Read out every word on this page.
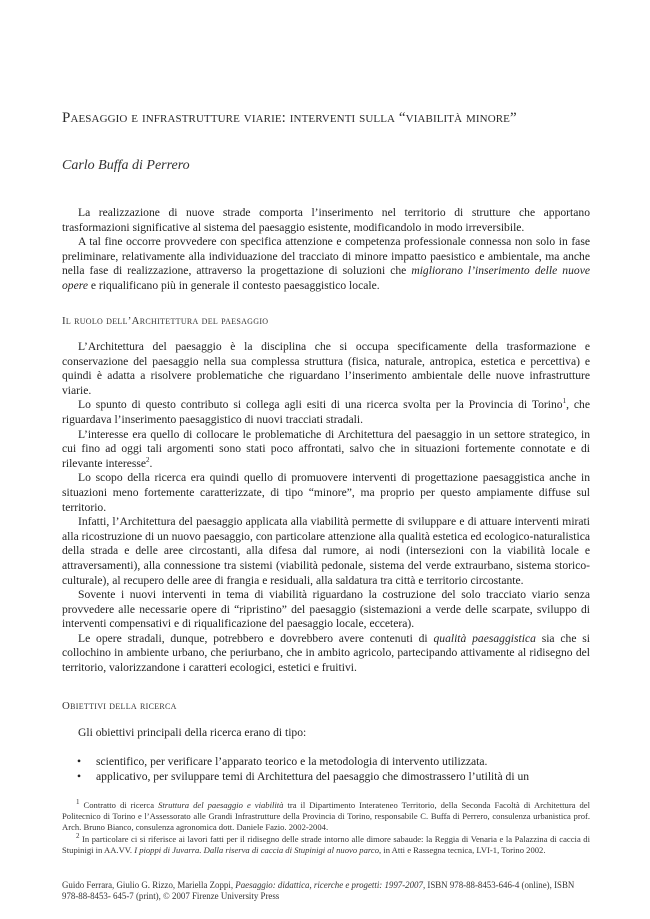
Paesaggio e infrastrutture viarie: interventi sulla “viabilità minore”
Carlo Buffa di Perrero

La realizzazione di nuove strade comporta l’inserimento nel territorio di strutture che apportano trasformazioni significative al sistema del paesaggio esistente, modificandolo in modo irreversibile.

A tal fine occorre provvedere con specifica attenzione e competenza professionale connessa non solo in fase preliminare, relativamente alla individuazione del tracciato di minore impatto paesistico e ambientale, ma anche nella fase di realizzazione, attraverso la progettazione di soluzioni che migliorano l’inserimento delle nuove opere e riqualificano più in generale il contesto paesaggistico locale.

Il ruolo dell’Architettura del paesaggio

L’Architettura del paesaggio è la disciplina che si occupa specificamente della trasformazione e conservazione del paesaggio nella sua complessa struttura (fisica, naturale, antropica, estetica e percettiva) e quindi è adatta a risolvere problematiche che riguardano l’inserimento ambientale delle nuove infrastrutture viarie.

Lo spunto di questo contributo si collega agli esiti di una ricerca svolta per la Provincia di Torino$^1$, che riguardava l’inserimento paesaggistico di nuovi tracciati stradali.

L’interesse era quello di collocare le problematiche di Architettura del paesaggio in un settore strategico, in cui fino ad oggi tali argomenti sono stati poco affrontati, salvo che in situazioni fortemente connotate e di rilevante interesse$^2$.

Lo scopo della ricerca era quindi quello di promuovere interventi di progettazione paesaggistica anche in situazioni meno fortemente caratterizzate, di tipo “minore”, ma proprio per questo ampiamente diffuse sul territorio.

Infatti, l’Architettura del paesaggio applicata alla viabilità permette di sviluppare e di attuare interventi mirati alla ricostruzione di un nuovo paesaggio, con particolare attenzione alla qualità estetica ed ecologico-naturalistica della strada e delle aree circostanti, alla difesa dal rumore, ai nodi (intersezioni con la viabilità locale e attraversamenti), alla connessione tra sistemi (viabilità pedonale, sistema del verde extraurbano, sistema storico-culturale), al recupero delle aree di frangia e residuali, alla saldatura tra città e territorio circostante.

Sovente i nuovi interventi in tema di viabilità riguardano la costruzione del solo tracciato viario senza provvedere alle necessarie opere di “ripristino” del paesaggio (sistemazioni a verde delle scarpate, sviluppo di interventi compensativi e di riqualificazione del paesaggio locale, eccetera).

Le opere stradali, dunque, potrebbero e dovrebbero avere contenuti di qualità paesaggistica sia che si collochino in ambiente urbano, che periurbano, che in ambito agricolo, partecipando attivamente al ridisegno del territorio, valorizzandone i caratteri ecologici, estetici e fruitivi.

Obiettivi della ricerca
Gli obiettivi principali della ricerca erano di tipo:
• scientifico, per verificare l’apparato teorico e la metodologia di intervento utilizzata.
• applicativo, per sviluppare temi di Architettura del paesaggio che dimostrassero l’utilità di un

$^1$ Contratto di ricerca Struttura del paesaggio e viabilità tra il Dipartimento Interateneo Territorio, della Seconda Facoltà di Architettura del Politecnico di Torino e l’Assessorato alle Grandi Infrastrutture della Provincia di Torino, responsabile C. Buffa di Perrero, consulenza urbanistica prof. Arch. Bruno Bianco, consulenza agronomica dott. Daniele Fazio. 2002-2004.

$^2$ In particolare ci si riferisce ai lavori fatti per il ridisegno delle strade intorno alle dimore sabaude: la Reggia di Venaria e la Palazzina di caccia di Stupinigi in AA.VV. I pioppi di Juvarra. Dalla riserva di caccia di Stupinigi al nuovo parco, in Atti e Rassegna tecnica, LVI-1, Torino 2002.

Guido Ferrara, Giulio G. Rizzo, Mariella Zoppi, Paesaggio: didattica, ricerche e progetti: 1997-2007, ISBN 978-88-8453-646-4 (online), ISBN 978-88-8453- 645-7 (print), © 2007 Firenze University Press
